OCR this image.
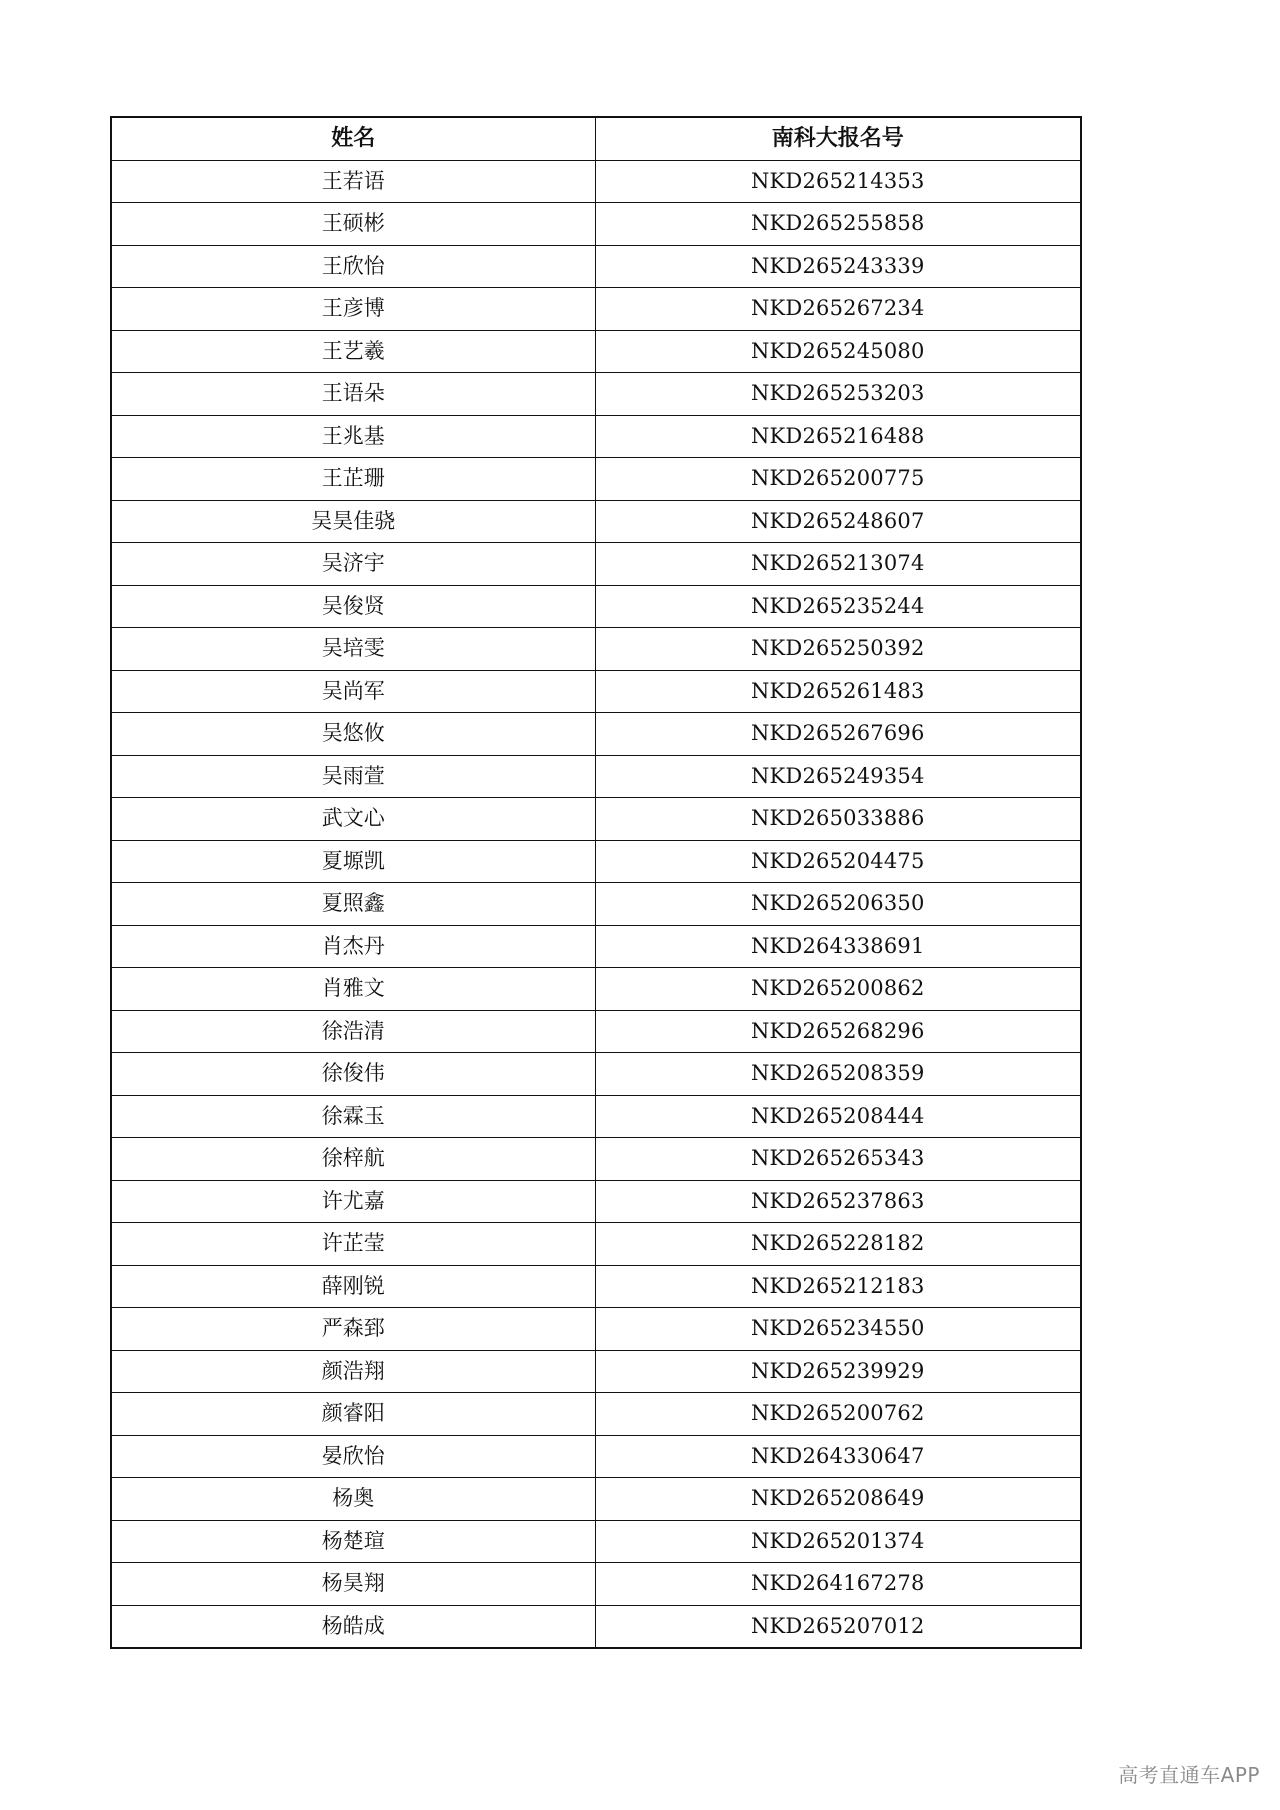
姓名	南科大报名号
王若语	NKD265214353
王硕彬	NKD265255858
王欣怡	NKD265243339
王彦博	NKD265267234
王艺羲	NKD265245080
王语朵	NKD265253203
王兆基	NKD265216488
王芷珊	NKD265200775
吴昊佳骁	NKD265248607
吴济宇	NKD265213074
吴俊贤	NKD265235244
吴培雯	NKD265250392
吴尚军	NKD265261483
吴悠攸	NKD265267696
吴雨萱	NKD265249354
武文心	NKD265033886
夏塬凯	NKD265204475
夏照鑫	NKD265206350
肖杰丹	NKD264338691
肖雅文	NKD265200862
徐浩清	NKD265268296
徐俊伟	NKD265208359
徐霖玉	NKD265208444
徐梓航	NKD265265343
许尤嘉	NKD265237863
许芷莹	NKD265228182
薛刚锐	NKD265212183
严森郅	NKD265234550
颜浩翔	NKD265239929
颜睿阳	NKD265200762
晏欣怡	NKD264330647
杨奥	NKD265208649
杨楚瑄	NKD265201374
杨昊翔	NKD264167278
杨皓成	NKD265207012
高考直通车APP
